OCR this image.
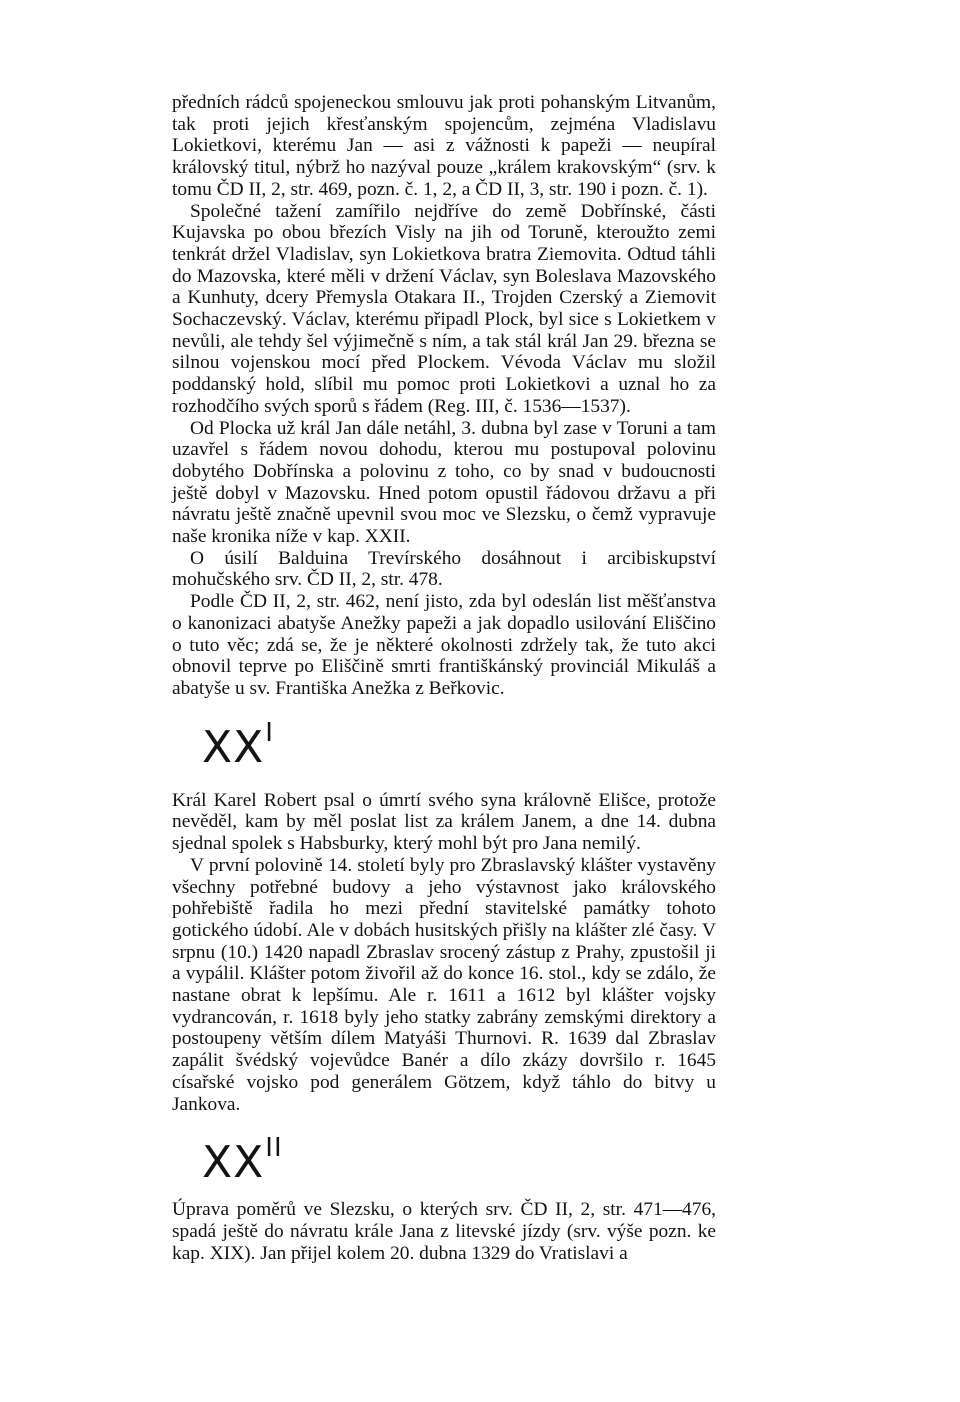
předních rádců spojeneckou smlouvu jak proti pohanským Litvanům, tak proti jejich křesťanským spojencům, zejména Vladislavu Lokietkovi, kterému Jan — asi z vážnosti k papeži — neupíral královský titul, nýbrž ho nazýval pouze „králem krakovským“ (srv. k tomu ČD II, 2, str. 469, pozn. č. 1, 2, a ČD II, 3, str. 190 i pozn. č. 1).

Společné tažení zamířilo nejdříve do země Dobřínské, části Kujavska po obou březích Visly na jih od Toruně, kteroužto zemi tenkrát držel Vladislav, syn Lokietkova bratra Ziemovita. Odtud táhli do Mazovska, které měli v držení Václav, syn Boleslava Mazovského a Kunhuty, dcery Přemysla Otakara II., Trojden Czerský a Ziemovit Sochaczevský. Václav, kterému připadl Plock, byl sice s Lokietkem v nevůli, ale tehdy šel výjimečně s ním, a tak stál král Jan 29. března se silnou vojenskou mocí před Plockem. Vévoda Václav mu složil poddanský hold, slíbil mu pomoc proti Lokietkovi a uznal ho za rozhodčího svých sporů s řádem (Reg. III, č. 1536—1537).

Od Plocka už král Jan dále netáhl, 3. dubna byl zase v Toruni a tam uzavřel s řádem novou dohodu, kterou mu postupoval polovinu dobytého Dobřínska a polovinu z toho, co by snad v budoucnosti ještě dobyl v Mazovsku. Hned potom opustil řádovou državu a při návratu ještě značně upevnil svou moc ve Slezsku, o čemž vypravuje naše kronika níže v kap. XXII.

O úsilí Balduina Trevírského dosáhnout i arcibiskupství mohučského srv. ČD II, 2, str. 478.

Podle ČD II, 2, str. 462, není jisto, zda byl odeslán list měšťanstva o kanonizaci abatyše Anežky papeži a jak dopadlo usilování Eliščino o tuto věc; zdá se, že je některé okolnosti zdržely tak, že tuto akci obnovil teprve po Eliščině smrti františkánský provinciál Mikuláš a abatyše u sv. Františka Anežka z Beřkovic.

XX I

Král Karel Robert psal o úmrtí svého syna královně Elišce, protože nevěděl, kam by měl poslat list za králem Janem, a dne 14. dubna sjednal spolek s Habsburky, který mohl být pro Jana nemilý.

V první polovině 14. století byly pro Zbraslavský klášter vystavěny všechny potřebné budovy a jeho výstavnost jako královského pohřebiště řadila ho mezi přední stavitelské památky tohoto gotického údobí. Ale v dobách husitských přišly na klášter zlé časy. V srpnu (10.) 1420 napadl Zbraslav srocený zástup z Prahy, zpustošil ji a vypálil. Klášter potom živořil až do konce 16. stol., kdy se zdálo, že nastane obrat k lepšímu. Ale r. 1611 a 1612 byl klášter vojsky vydrancován, r. 1618 byly jeho statky zabrány zemskými direktory a postoupeny větším dílem Matyáši Thurnovi. R. 1639 dal Zbraslav zapálit švédský vojevůdce Banér a dílo zkázy dovršilo r. 1645 císařské vojsko pod generálem Götzem, když táhlo do bitvy u Jankova.

XX II

Úprava poměrů ve Slezsku, o kterých srv. ČD II, 2, str. 471—476, spadá ještě do návratu krále Jana z litevské jízdy (srv. výše pozn. ke kap. XIX). Jan přijel kolem 20. dubna 1329 do Vratislavi a
